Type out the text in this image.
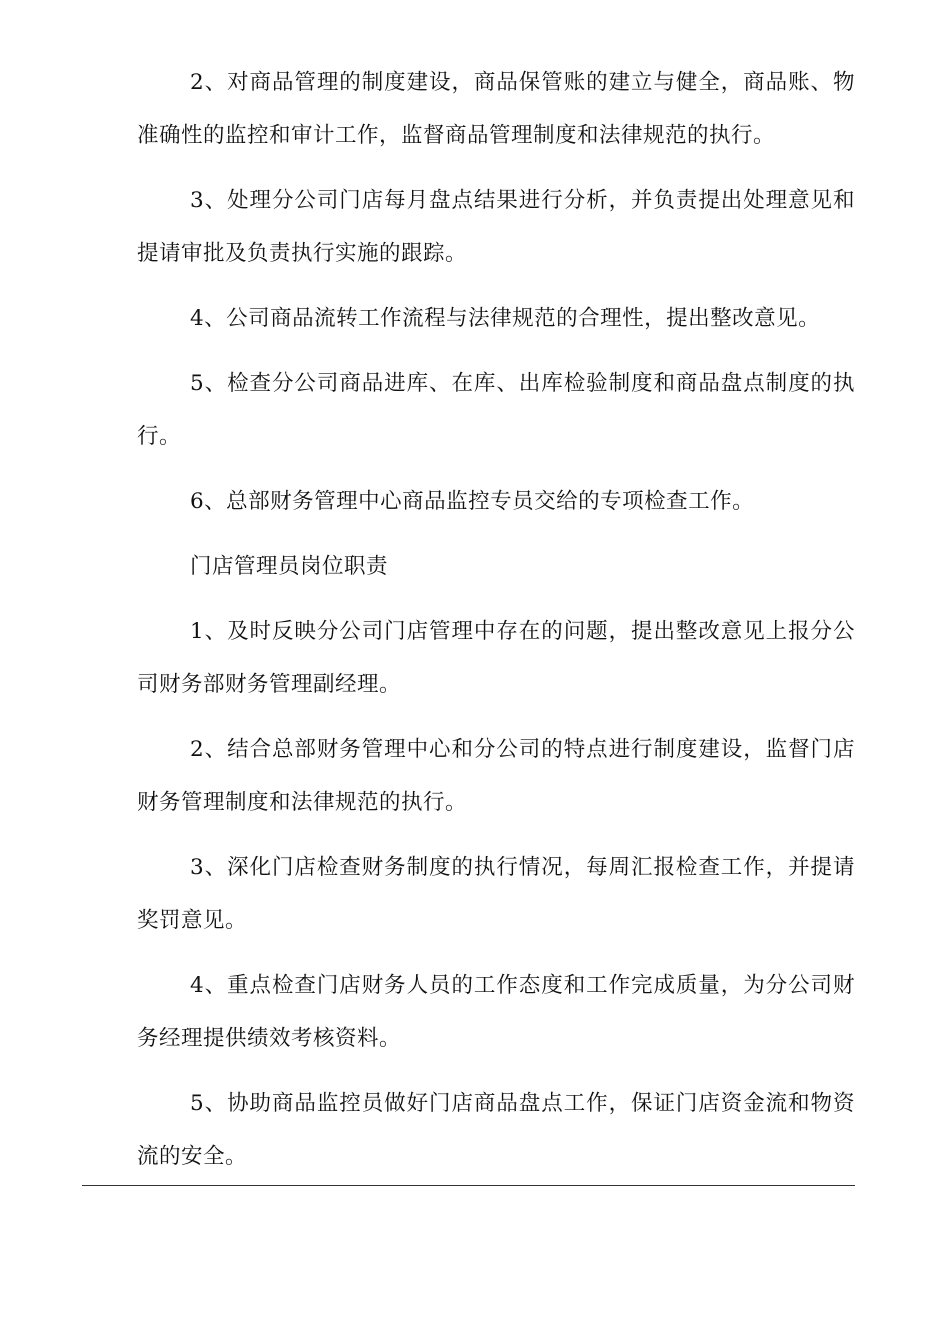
2、对商品管理的制度建设，商品保管账的建立与健全，商品账、物准确性的监控和审计工作，监督商品管理制度和法律规范的执行。

3、处理分公司门店每月盘点结果进行分析，并负责提出处理意见和提请审批及负责执行实施的跟踪。

4、公司商品流转工作流程与法律规范的合理性，提出整改意见。

5、检查分公司商品进库、在库、出库检验制度和商品盘点制度的执行。

6、总部财务管理中心商品监控专员交给的专项检查工作。

门店管理员岗位职责

1、及时反映分公司门店管理中存在的问题，提出整改意见上报分公司财务部财务管理副经理。

2、结合总部财务管理中心和分公司的特点进行制度建设，监督门店财务管理制度和法律规范的执行。

3、深化门店检查财务制度的执行情况，每周汇报检查工作，并提请奖罚意见。

4、重点检查门店财务人员的工作态度和工作完成质量，为分公司财务经理提供绩效考核资料。

5、协助商品监控员做好门店商品盘点工作，保证门店资金流和物资流的安全。
